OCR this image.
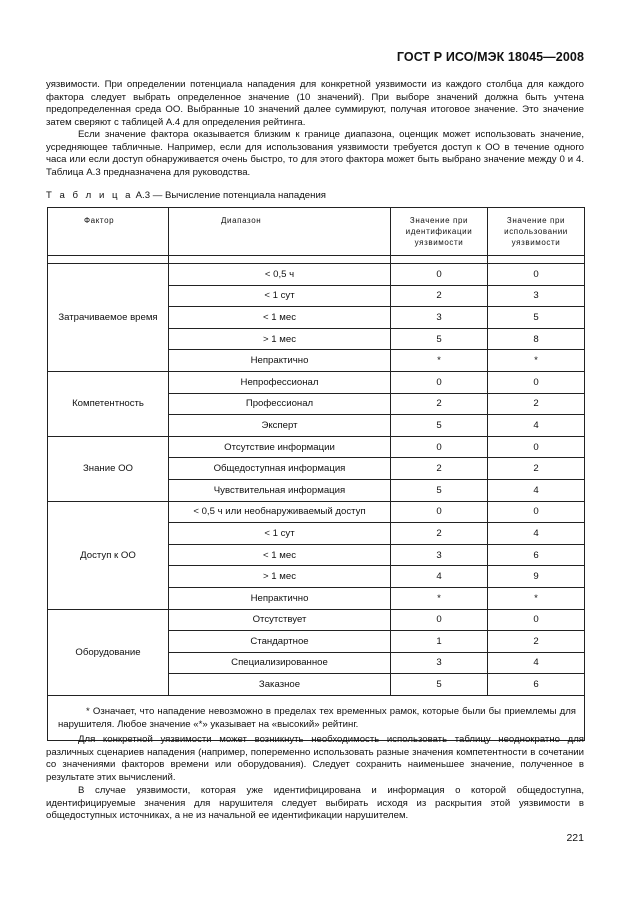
ГОСТ Р ИСО/МЭК 18045—2008

уязвимости. При определении потенциала нападения для конкретной уязвимости из каждого столбца для каждого фактора следует выбрать определенное значение (10 значений). При выборе значений должна быть учтена предопределенная среда ОО. Выбранные 10 значений далее суммируют, получая итоговое значение. Это значение затем сверяют с таблицей А.4 для определения рейтинга.

Если значение фактора оказывается близким к границе диапазона, оценщик может использовать значение, усредняющее табличные. Например, если для использования уязвимости требуется доступ к ОО в течение одного часа или если доступ обнаруживается очень быстро, то для этого фактора может быть выбрано значение между 0 и 4. Таблица А.3 предназначена для руководства.

Т а б л и ц а А.3 — Вычисление потенциала нападения
Фактор	Диапазон	Значение при идентификации уязвимости	Значение при использовании уязвимости

Затрачиваемое время	< 0,5 ч	0	0
	< 1 сут	2	3
	< 1 мес	3	5
	> 1 мес	5	8
	Непрактично	*	*
Компетентность	Непрофессионал	0	0
	Профессионал	2	2
	Эксперт	5	4
Знание ОО	Отсутствие информации	0	0
	Общедоступная информация	2	2
	Чувствительная информация	5	4
Доступ к ОО	< 0,5 ч или необнаруживаемый доступ	0	0
	< 1 сут	2	4
	< 1 мес	3	6
	> 1 мес	4	9
	Непрактично	*	*
Оборудование	Отсутствует	0	0
	Стандартное	1	2
	Специализированное	3	4
	Заказное	5	6
* Означает, что нападение невозможно в пределах тех временных рамок, которые были бы приемлемы для нарушителя. Любое значение «*» указывает на «высокий» рейтинг.			

Для конкретной уязвимости может возникнуть необходимость использовать таблицу неоднократно для различных сценариев нападения (например, попеременно использовать разные значения компетентности в сочетании со значениями факторов времени или оборудования). Следует сохранить наименьшее значение, полученное в результате этих вычислений.

В случае уязвимости, которая уже идентифицирована и информация о которой общедоступна, идентифицируемые значения для нарушителя следует выбирать исходя из раскрытия этой уязвимости в общедоступных источниках, а не из начальной ее идентификации нарушителем.

221
